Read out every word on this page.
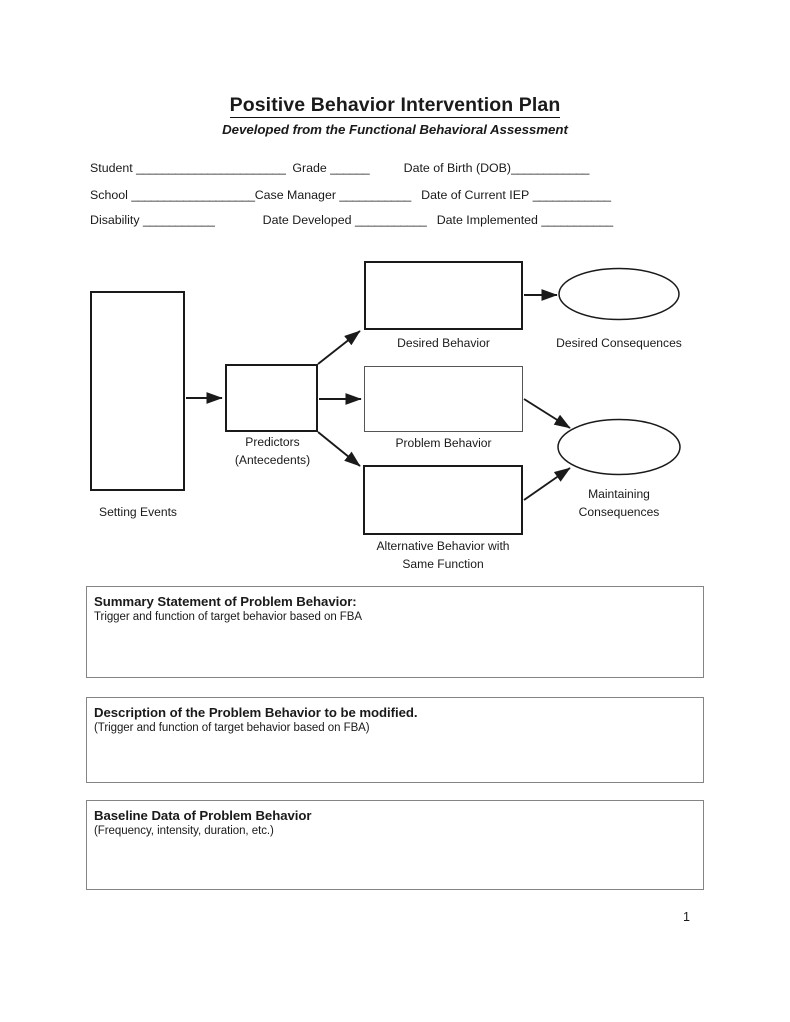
Positive Behavior Intervention Plan
Developed from the Functional Behavioral Assessment
Student _______________________ Grade ______	Date of Birth (DOB)____________
School ___________________Case Manager ___________ Date of Current IEP ____________
Disability ___________	Date Developed ___________ Date Implemented ___________
Setting Events
Predictors
(Antecedents)
Desired Behavior
Problem Behavior
Alternative Behavior with
Same Function
Desired Consequences
Maintaining
Consequences

Summary Statement of Problem Behavior:

Trigger and function of target behavior based on FBA

Description of the Problem Behavior to be modified.

(Trigger and function of target behavior based on FBA)

Baseline Data of Problem Behavior

(Frequency, intensity, duration, etc.)

1
